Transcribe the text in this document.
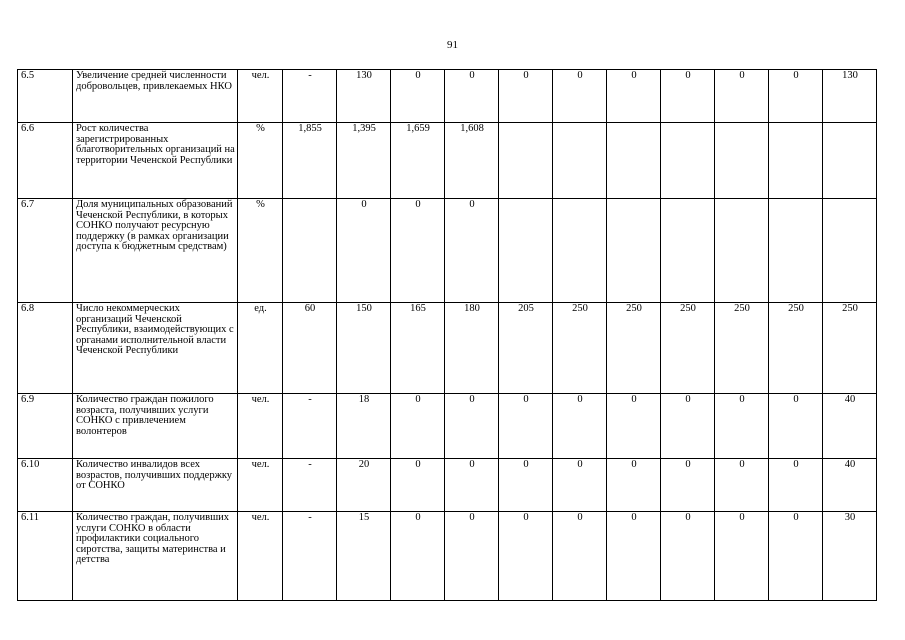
91
6.5	Увеличение средней численности добровольцев, привлекаемых НКО	чел.	-	130	0	0	0	0	0	0	0	0	130
6.6	Рост количества зарегистрированных благотворительных организаций на территории Чеченской Республики	%	1,855	1,395	1,659	1,608							
6.7	Доля муниципальных образований Чеченской Республики, в которых СОНКО получают ресурсную поддержку (в рамках организации доступа к бюджетным средствам)	%		0	0	0							
6.8	Число некоммерческих организаций Чеченской Республики, взаимодействующих с органами исполнительной власти Чеченской Республики	ед.	60	150	165	180	205	250	250	250	250	250	250
6.9	Количество граждан пожилого возраста, получивших услуги СОНКО с привлечением волонтеров	чел.	-	18	0	0	0	0	0	0	0	0	40
6.10	Количество инвалидов всех возрастов, получивших поддержку от СОНКО	чел.	-	20	0	0	0	0	0	0	0	0	40
6.11	Количество граждан, получивших услуги СОНКО в области профилактики социального сиротства, защиты материнства и детства	чел.	-	15	0	0	0	0	0	0	0	0	30
